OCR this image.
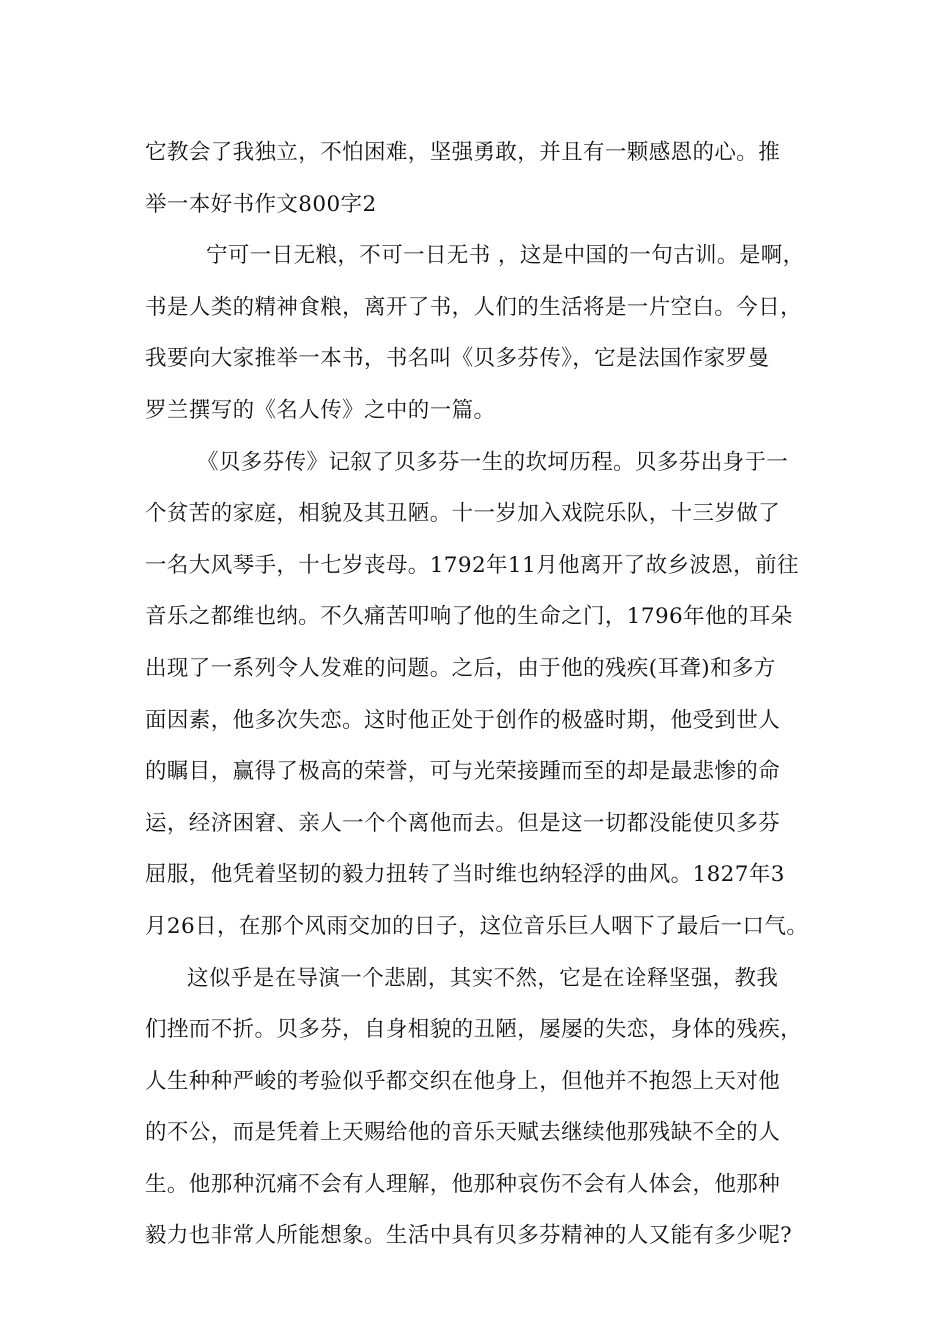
它教会了我独立，不怕困难，坚强勇敢，并且有一颗感恩的心。推
举一本好书作文800字2
宁可一日无粮，不可一日无书 ，这是中国的一句古训。是啊，
书是人类的精神食粮，离开了书，人们的生活将是一片空白。今日，
我要向大家推举一本书，书名叫《贝多芬传》，它是法国作家罗曼
罗兰撰写的《名人传》之中的一篇。
《贝多芬传》记叙了贝多芬一生的坎坷历程。贝多芬出身于一
个贫苦的家庭，相貌及其丑陋。十一岁加入戏院乐队，十三岁做了
一名大风琴手，十七岁丧母。1792年11月他离开了故乡波恩，前往
音乐之都维也纳。不久痛苦叩响了他的生命之门，1796年他的耳朵
出现了一系列令人发难的问题。之后，由于他的残疾(耳聋)和多方
面因素，他多次失恋。这时他正处于创作的极盛时期，他受到世人
的瞩目，赢得了极高的荣誉，可与光荣接踵而至的却是最悲惨的命
运，经济困窘、亲人一个个离他而去。但是这一切都没能使贝多芬
屈服，他凭着坚韧的毅力扭转了当时维也纳轻浮的曲风。1827年3
月26日，在那个风雨交加的日子，这位音乐巨人咽下了最后一口气。
这似乎是在导演一个悲剧，其实不然，它是在诠释坚强，教我
们挫而不折。贝多芬，自身相貌的丑陋，屡屡的失恋，身体的残疾，
人生种种严峻的考验似乎都交织在他身上，但他并不抱怨上天对他
的不公，而是凭着上天赐给他的音乐天赋去继续他那残缺不全的人
生。他那种沉痛不会有人理解，他那种哀伤不会有人体会，他那种
毅力也非常人所能想象。生活中具有贝多芬精神的人又能有多少呢?
